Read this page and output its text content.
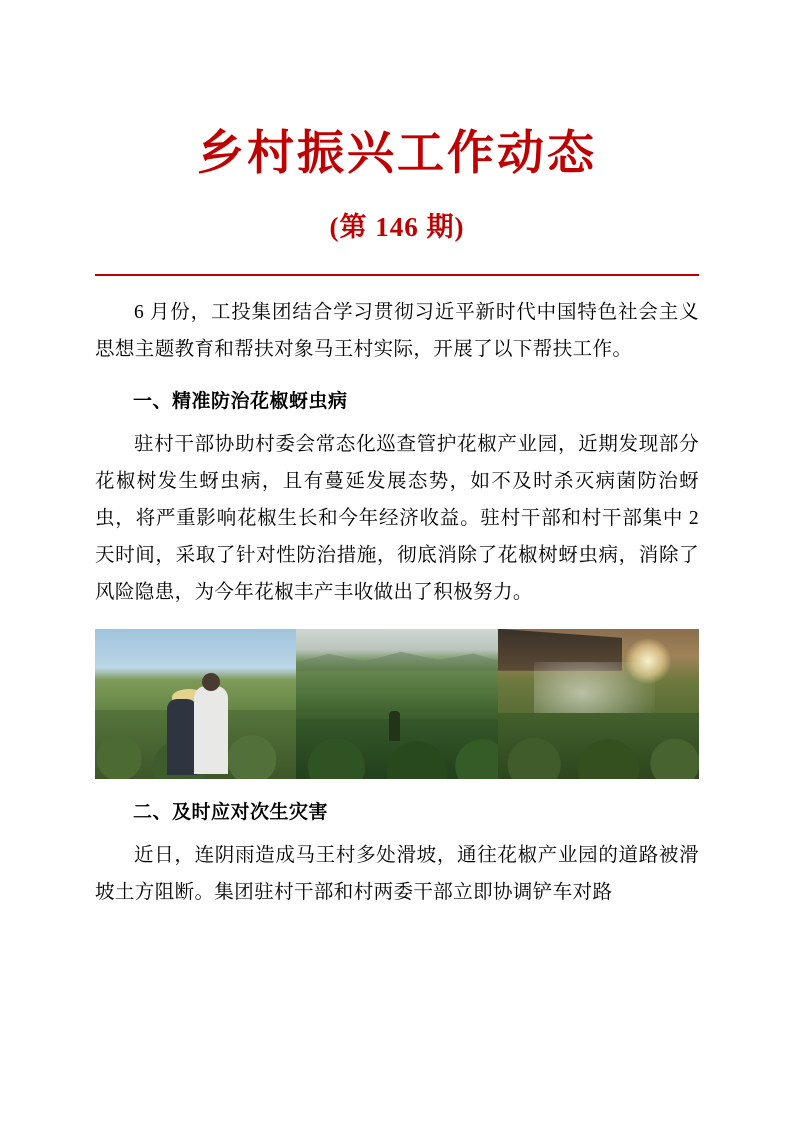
乡村振兴工作动态
(第 146 期)

6 月份，工投集团结合学习贯彻习近平新时代中国特色社会主义思想主题教育和帮扶对象马王村实际，开展了以下帮扶工作。

一、精准防治花椒蚜虫病

驻村干部协助村委会常态化巡查管护花椒产业园，近期发现部分花椒树发生蚜虫病，且有蔓延发展态势，如不及时杀灭病菌防治蚜虫，将严重影响花椒生长和今年经济收益。驻村干部和村干部集中 2 天时间，采取了针对性防治措施，彻底消除了花椒树蚜虫病，消除了风险隐患，为今年花椒丰产丰收做出了积极努力。

二、及时应对次生灾害

近日，连阴雨造成马王村多处滑坡，通往花椒产业园的道路被滑坡土方阻断。集团驻村干部和村两委干部立即协调铲车对路
